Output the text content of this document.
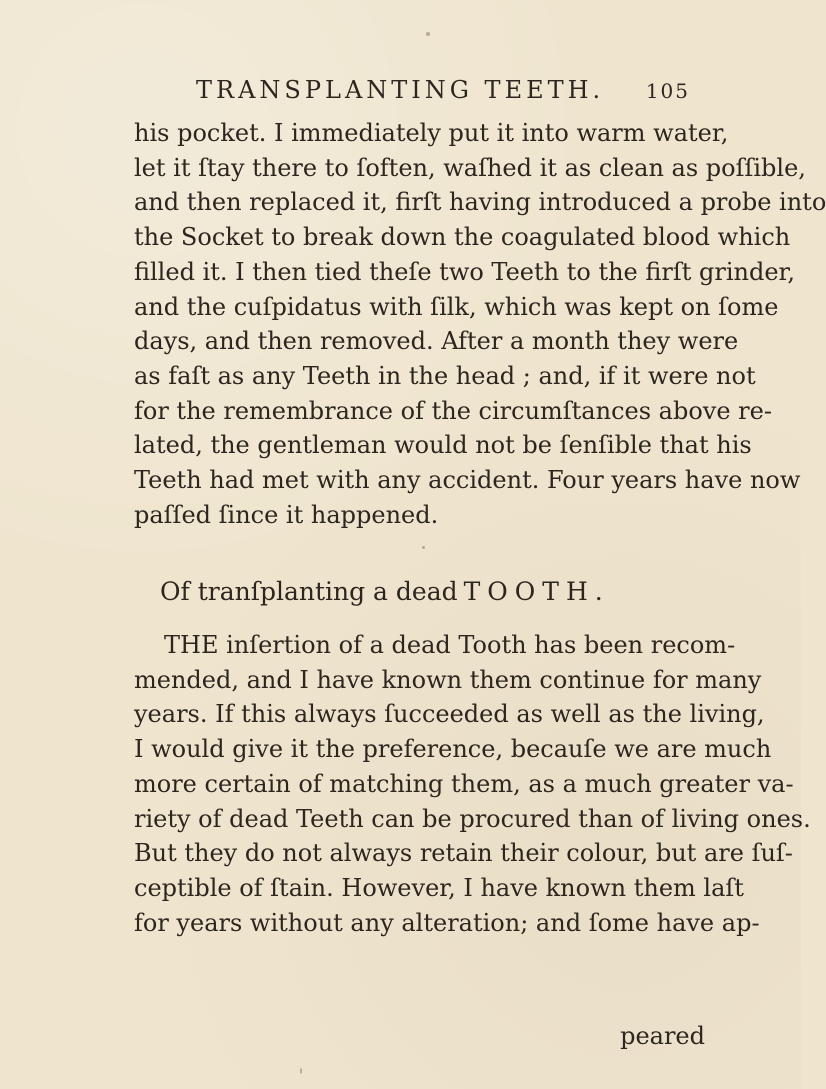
TRANSPLANTING TEETH. 105
his pocket. I immediately put it into warm water,
let it ſtay there to ſoften, waſhed it as clean as poſſible,
and then replaced it, firſt having introduced a probe into
the Socket to break down the coagulated blood which
filled it. I then tied theſe two Teeth to the firſt grinder,
and the cuſpidatus with ſilk, which was kept on ſome
days, and then removed. After a month they were
as faſt as any Teeth in the head ; and, if it were not
for the remembrance of the circumſtances above re-
lated, the gentleman would not be ſenſible that his
Teeth had met with any accident. Four years have now
paſſed ſince it happened.
Of tranſplanting a dead TOOTH.
THE inſertion of a dead Tooth has been recom-
mended, and I have known them continue for many
years. If this always ſucceeded as well as the living,
I would give it the preference, becauſe we are much
more certain of matching them, as a much greater va-
riety of dead Teeth can be procured than of living ones.
But they do not always retain their colour, but are ſuſ-
ceptible of ſtain. However, I have known them laſt
for years without any alteration; and ſome have ap-
peared
